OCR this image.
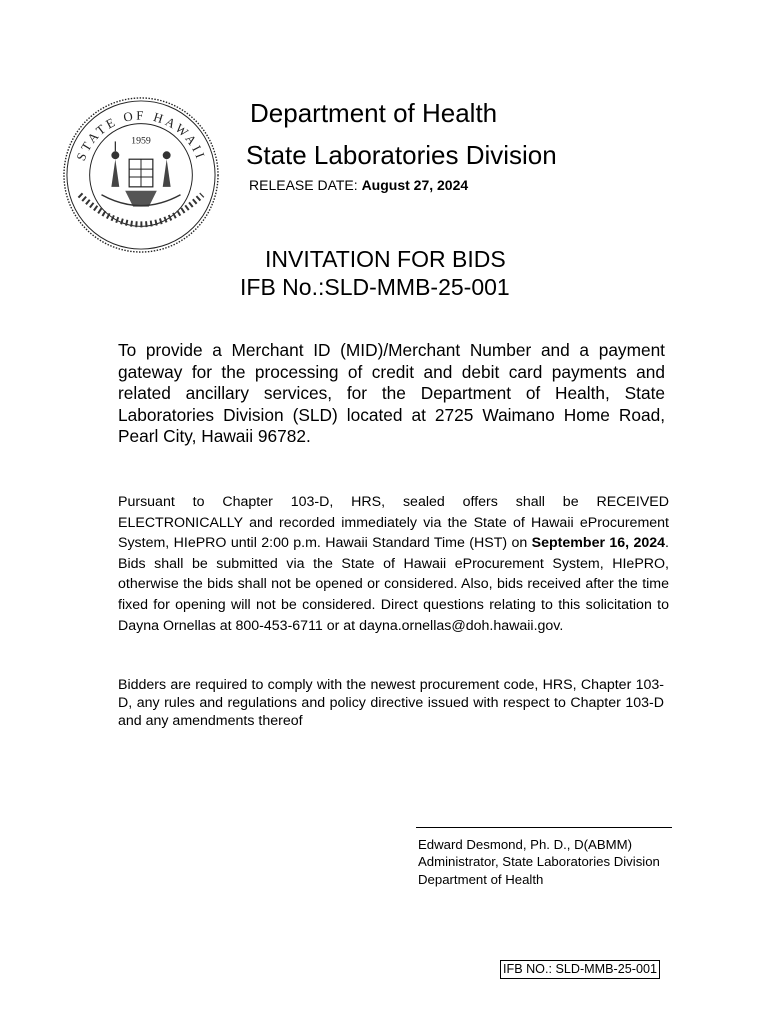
STATE OF HAWAII
1959
Department of Health
State Laboratories Division
RELEASE DATE: August 27, 2024
INVITATION FOR BIDS
IFB No.:SLD-MMB-25-001
To provide a Merchant ID (MID)/Merchant Number and a payment gateway for the processing of credit and debit card payments and related ancillary services, for the Department of Health, State Laboratories Division (SLD) located at 2725 Waimano Home Road, Pearl City, Hawaii 96782.
Pursuant to Chapter 103-D, HRS, sealed offers shall be RECEIVED ELECTRONICALLY and recorded immediately via the State of Hawaii eProcurement System, HIePRO until 2:00 p.m. Hawaii Standard Time (HST) on September 16, 2024. Bids shall be submitted via the State of Hawaii eProcurement System, HIePRO, otherwise the bids shall not be opened or considered. Also, bids received after the time fixed for opening will not be considered. Direct questions relating to this solicitation to Dayna Ornellas at 800-453-6711 or at dayna.ornellas@doh.hawaii.gov.
Bidders are required to comply with the newest procurement code, HRS, Chapter 103-D, any rules and regulations and policy directive issued with respect to Chapter 103-D and any amendments thereof
Edward Desmond, Ph. D., D(ABMM)
Administrator, State Laboratories Division
Department of Health
IFB NO.: SLD-MMB-25-001
